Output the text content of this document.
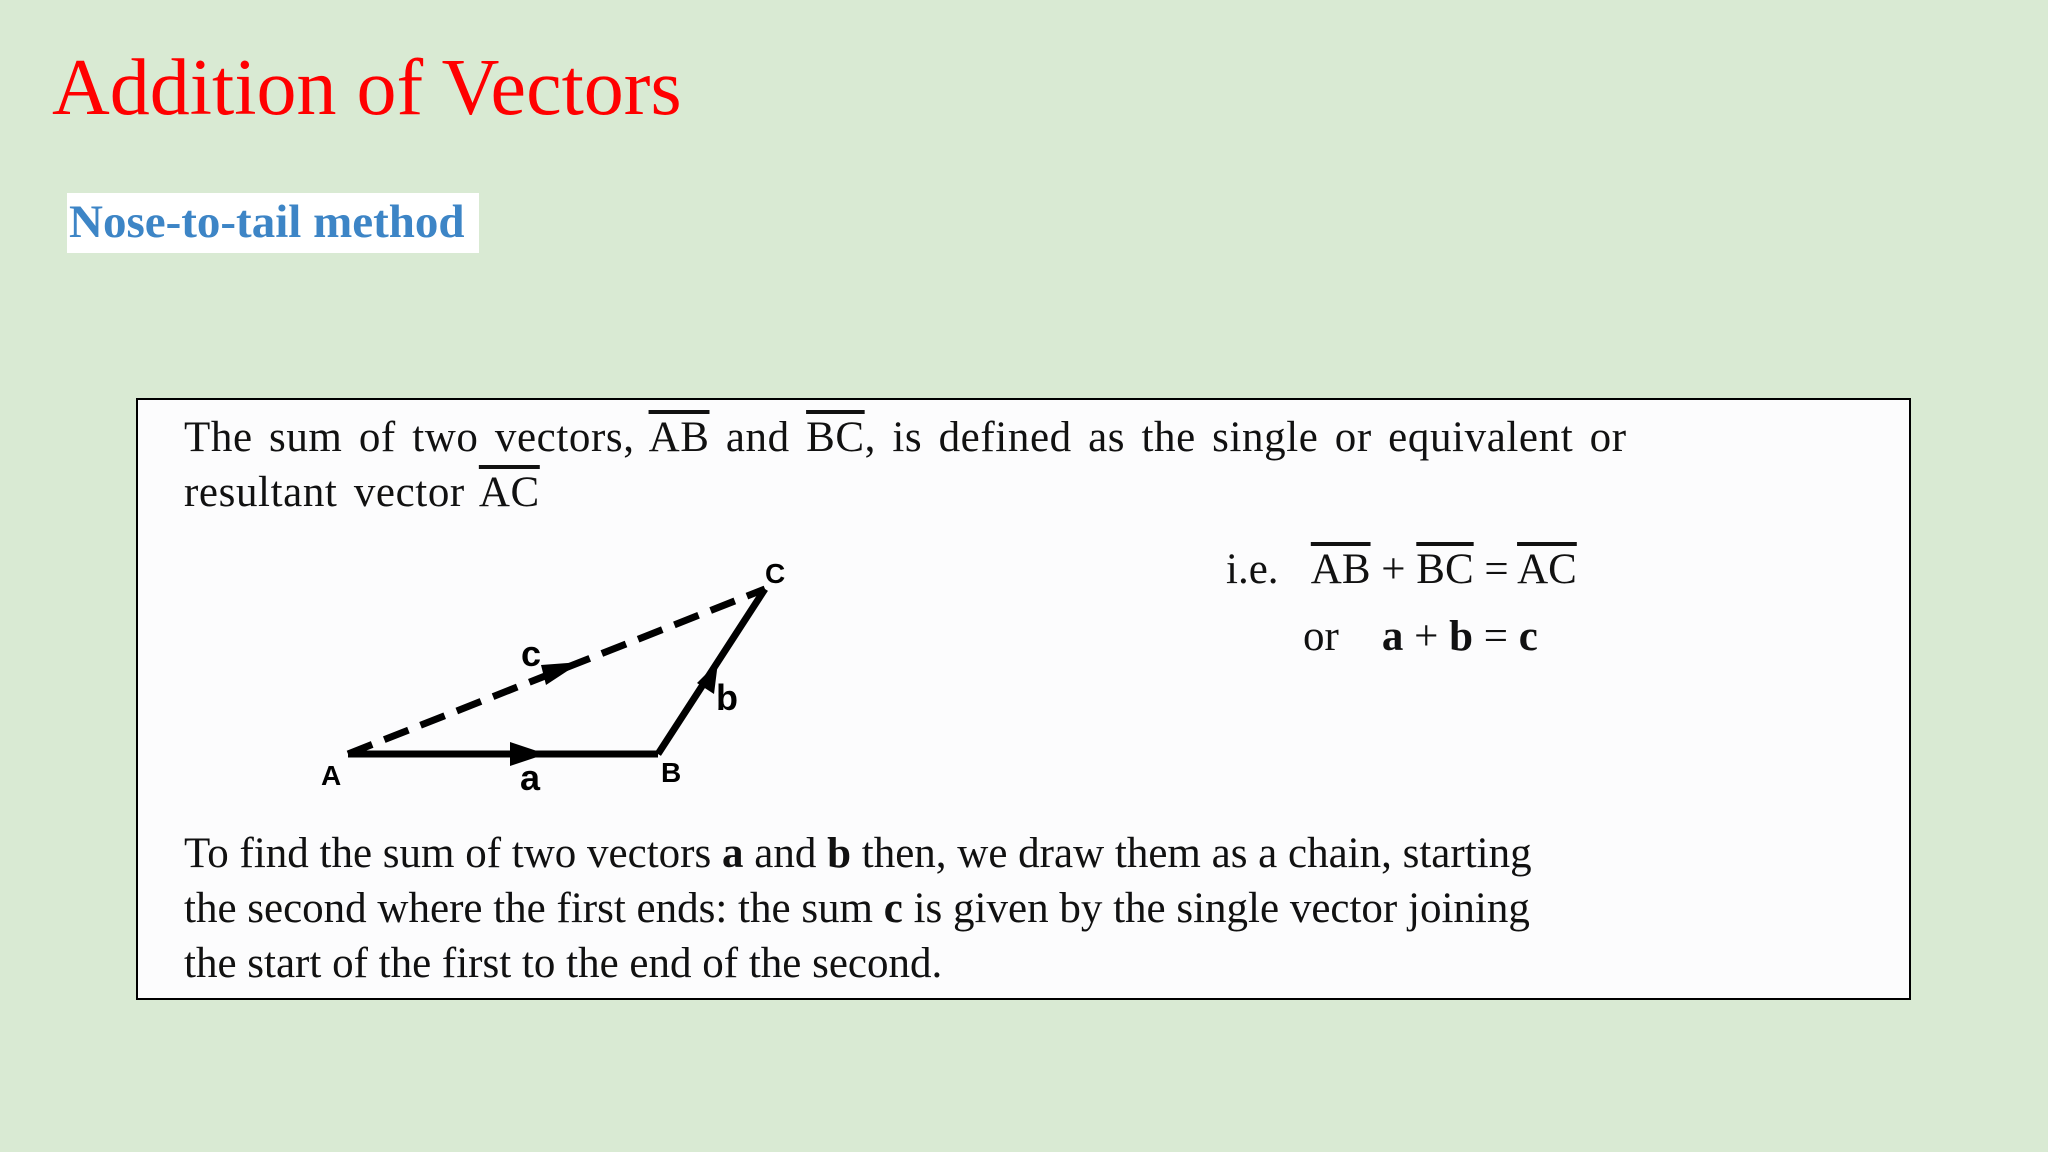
Addition of Vectors
Nose-to-tail method
The sum of two vectors, $\overline{AB}$ and $\overline{BC}$, is defined as the single or equivalent or
resultant vector $\overline{AC}$
i.e. $\overline{AB} + \overline{BC} = \overline{AC}$
or a + b = c
A	B
C
a
b
c
To find the sum of two vectors a and b then, we draw them as a chain, starting
the second where the first ends: the sum c is given by the single vector joining
the start of the first to the end of the second.
